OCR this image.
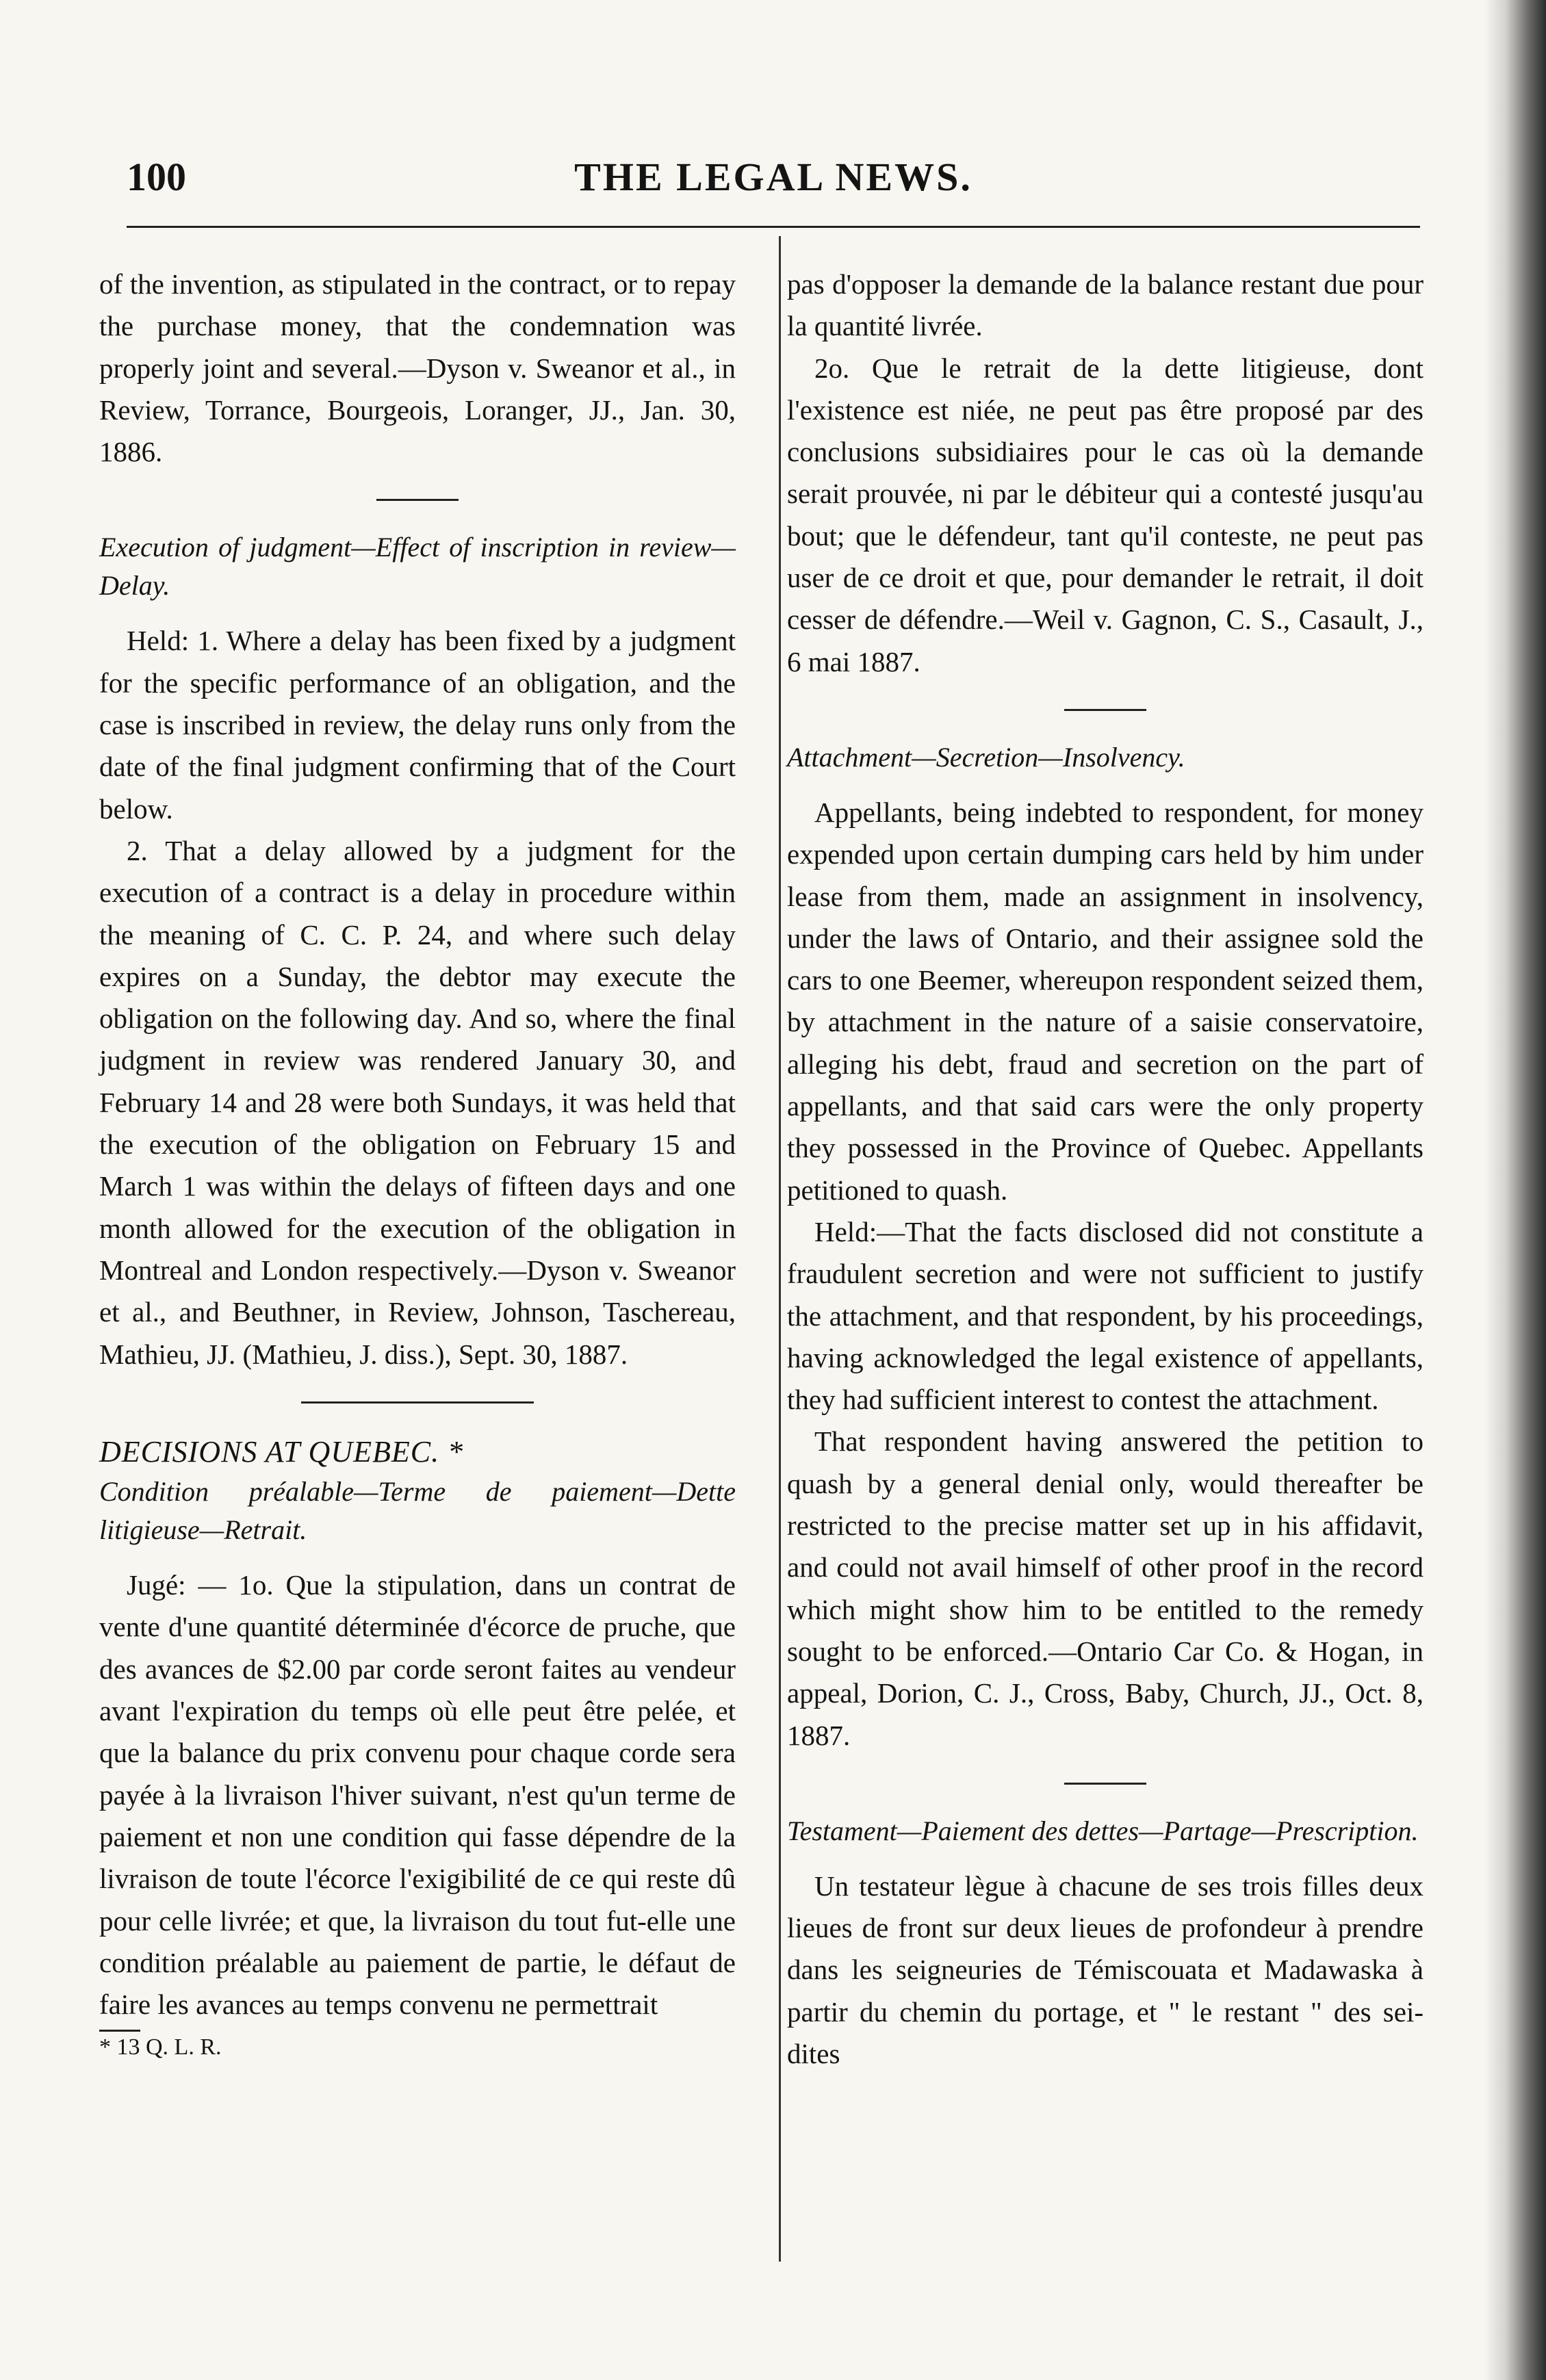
100	THE LEGAL NEWS.

of the invention, as stipulated in the contract, or to repay the purchase money, that the condemnation was properly joint and several.—Dyson v. Sweanor et al., in Review, Torrance, Bourgeois, Loranger, JJ., Jan. 30, 1886.

Execution of judgment—Effect of inscription in review—Delay.

Held: 1. Where a delay has been fixed by a judgment for the specific performance of an obligation, and the case is inscribed in review, the delay runs only from the date of the final judgment confirming that of the Court below.

2. That a delay allowed by a judgment for the execution of a contract is a delay in procedure within the meaning of C. C. P. 24, and where such delay expires on a Sunday, the debtor may execute the obligation on the following day. And so, where the final judgment in review was rendered January 30, and February 14 and 28 were both Sundays, it was held that the execution of the obligation on February 15 and March 1 was within the delays of fifteen days and one month allowed for the execution of the obligation in Montreal and London respectively.—Dyson v. Sweanor et al., and Beuthner, in Review, Johnson, Taschereau, Mathieu, JJ. (Mathieu, J. diss.), Sept. 30, 1887.

DECISIONS AT QUEBEC. *

Condition préalable—Terme de paiement—Dette litigieuse—Retrait.

Jugé: — 1o. Que la stipulation, dans un contrat de vente d'une quantité déterminée d'écorce de pruche, que des avances de $2.00 par corde seront faites au vendeur avant l'expiration du temps où elle peut être pelée, et que la balance du prix convenu pour chaque corde sera payée à la livraison l'hiver suivant, n'est qu'un terme de paiement et non une condition qui fasse dépendre de la livraison de toute l'écorce l'exigibilité de ce qui reste dû pour celle livrée; et que, la livraison du tout fut-elle une condition préalable au paiement de partie, le défaut de faire les avances au temps convenu ne permettrait

* 13 Q. L. R.

pas d'opposer la demande de la balance restant due pour la quantité livrée.

2o. Que le retrait de la dette litigieuse, dont l'existence est niée, ne peut pas être proposé par des conclusions subsidiaires pour le cas où la demande serait prouvée, ni par le débiteur qui a contesté jusqu'au bout; que le défendeur, tant qu'il conteste, ne peut pas user de ce droit et que, pour demander le retrait, il doit cesser de défendre.—Weil v. Gagnon, C. S., Casault, J., 6 mai 1887.

Attachment—Secretion—Insolvency.

Appellants, being indebted to respondent, for money expended upon certain dumping cars held by him under lease from them, made an assignment in insolvency, under the laws of Ontario, and their assignee sold the cars to one Beemer, whereupon respondent seized them, by attachment in the nature of a saisie conservatoire, alleging his debt, fraud and secretion on the part of appellants, and that said cars were the only property they possessed in the Province of Quebec. Appellants petitioned to quash.

Held:—That the facts disclosed did not constitute a fraudulent secretion and were not sufficient to justify the attachment, and that respondent, by his proceedings, having acknowledged the legal existence of appellants, they had sufficient interest to contest the attachment.

That respondent having answered the petition to quash by a general denial only, would thereafter be restricted to the precise matter set up in his affidavit, and could not avail himself of other proof in the record which might show him to be entitled to the remedy sought to be enforced.—Ontario Car Co. & Hogan, in appeal, Dorion, C. J., Cross, Baby, Church, JJ., Oct. 8, 1887.

Testament—Paiement des dettes—Partage—Prescription.

Un testateur lègue à chacune de ses trois filles deux lieues de front sur deux lieues de profondeur à prendre dans les seigneuries de Témiscouata et Madawaska à partir du chemin du portage, et " le restant " des sei-dites
